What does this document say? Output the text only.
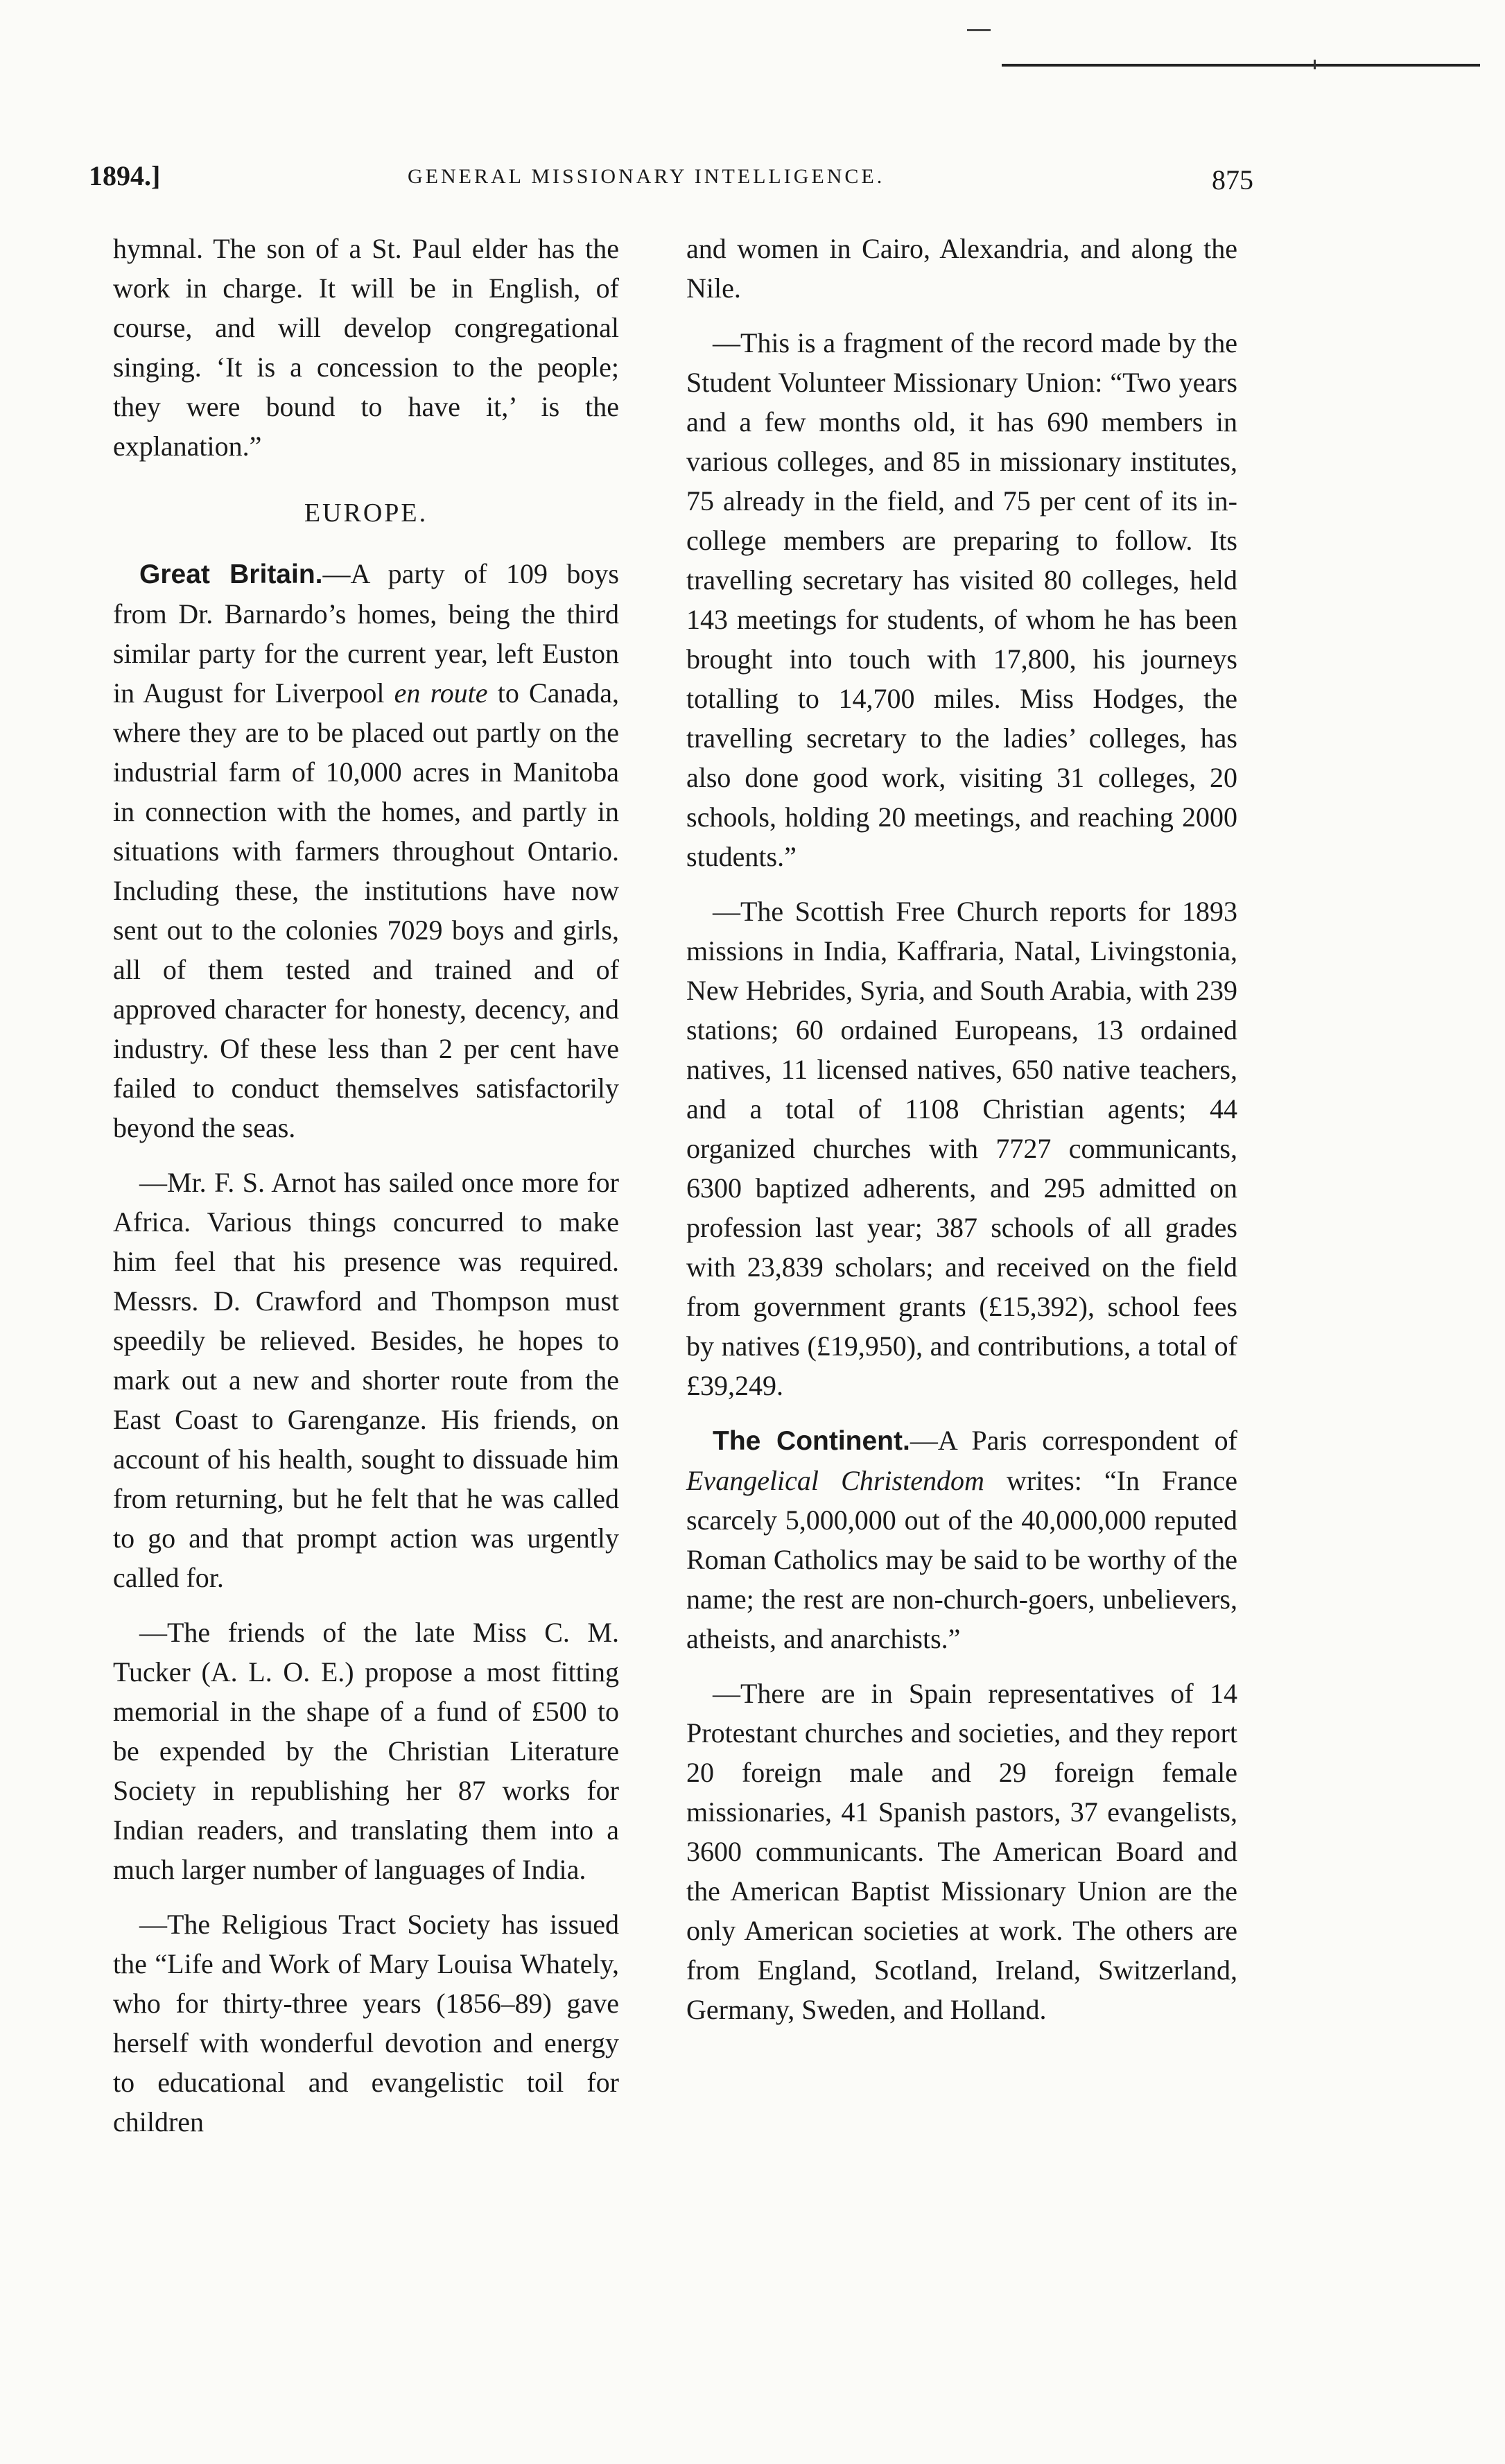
1894.]	GENERAL MISSIONARY INTELLIGENCE.	875

hymnal. The son of a St. Paul elder has the work in charge. It will be in English, of course, and will develop congregational singing. ‘It is a concession to the people; they were bound to have it,’ is the explanation.”

EUROPE.

Great Britain.—A party of 109 boys from Dr. Barnardo’s homes, being the third similar party for the current year, left Euston in August for Liverpool en route to Canada, where they are to be placed out partly on the industrial farm of 10,000 acres in Manitoba in connection with the homes, and partly in situations with farmers throughout Ontario. Including these, the institutions have now sent out to the colonies 7029 boys and girls, all of them tested and trained and of approved character for honesty, decency, and industry. Of these less than 2 per cent have failed to conduct themselves satisfactorily beyond the seas.

—Mr. F. S. Arnot has sailed once more for Africa. Various things concurred to make him feel that his presence was required. Messrs. D. Crawford and Thompson must speedily be relieved. Besides, he hopes to mark out a new and shorter route from the East Coast to Garenganze. His friends, on account of his health, sought to dissuade him from returning, but he felt that he was called to go and that prompt action was urgently called for.

—The friends of the late Miss C. M. Tucker (A. L. O. E.) propose a most fitting memorial in the shape of a fund of £500 to be expended by the Christian Literature Society in republishing her 87 works for Indian readers, and translating them into a much larger number of languages of India.

—The Religious Tract Society has issued the “Life and Work of Mary Louisa Whately, who for thirty-three years (1856–89) gave herself with wonderful devotion and energy to educational and evangelistic toil for children

and women in Cairo, Alexandria, and along the Nile.

—This is a fragment of the record made by the Student Volunteer Missionary Union: “Two years and a few months old, it has 690 members in various colleges, and 85 in missionary institutes, 75 already in the field, and 75 per cent of its in-college members are preparing to follow. Its travelling secretary has visited 80 colleges, held 143 meetings for students, of whom he has been brought into touch with 17,800, his journeys totalling to 14,700 miles. Miss Hodges, the travelling secretary to the ladies’ colleges, has also done good work, visiting 31 colleges, 20 schools, holding 20 meetings, and reaching 2000 students.”

—The Scottish Free Church reports for 1893 missions in India, Kaffraria, Natal, Livingstonia, New Hebrides, Syria, and South Arabia, with 239 stations; 60 ordained Europeans, 13 ordained natives, 11 licensed natives, 650 native teachers, and a total of 1108 Christian agents; 44 organized churches with 7727 communicants, 6300 baptized adherents, and 295 admitted on profession last year; 387 schools of all grades with 23,839 scholars; and received on the field from government grants (£15,392), school fees by natives (£19,950), and contributions, a total of £39,249.

The Continent.—A Paris correspondent of Evangelical Christendom writes: “In France scarcely 5,000,000 out of the 40,000,000 reputed Roman Catholics may be said to be worthy of the name; the rest are non-church-goers, unbelievers, atheists, and anarchists.”

—There are in Spain representatives of 14 Protestant churches and societies, and they report 20 foreign male and 29 foreign female missionaries, 41 Spanish pastors, 37 evangelists, 3600 communicants. The American Board and the American Baptist Missionary Union are the only American societies at work. The others are from England, Scotland, Ireland, Switzerland, Germany, Sweden, and Holland.
